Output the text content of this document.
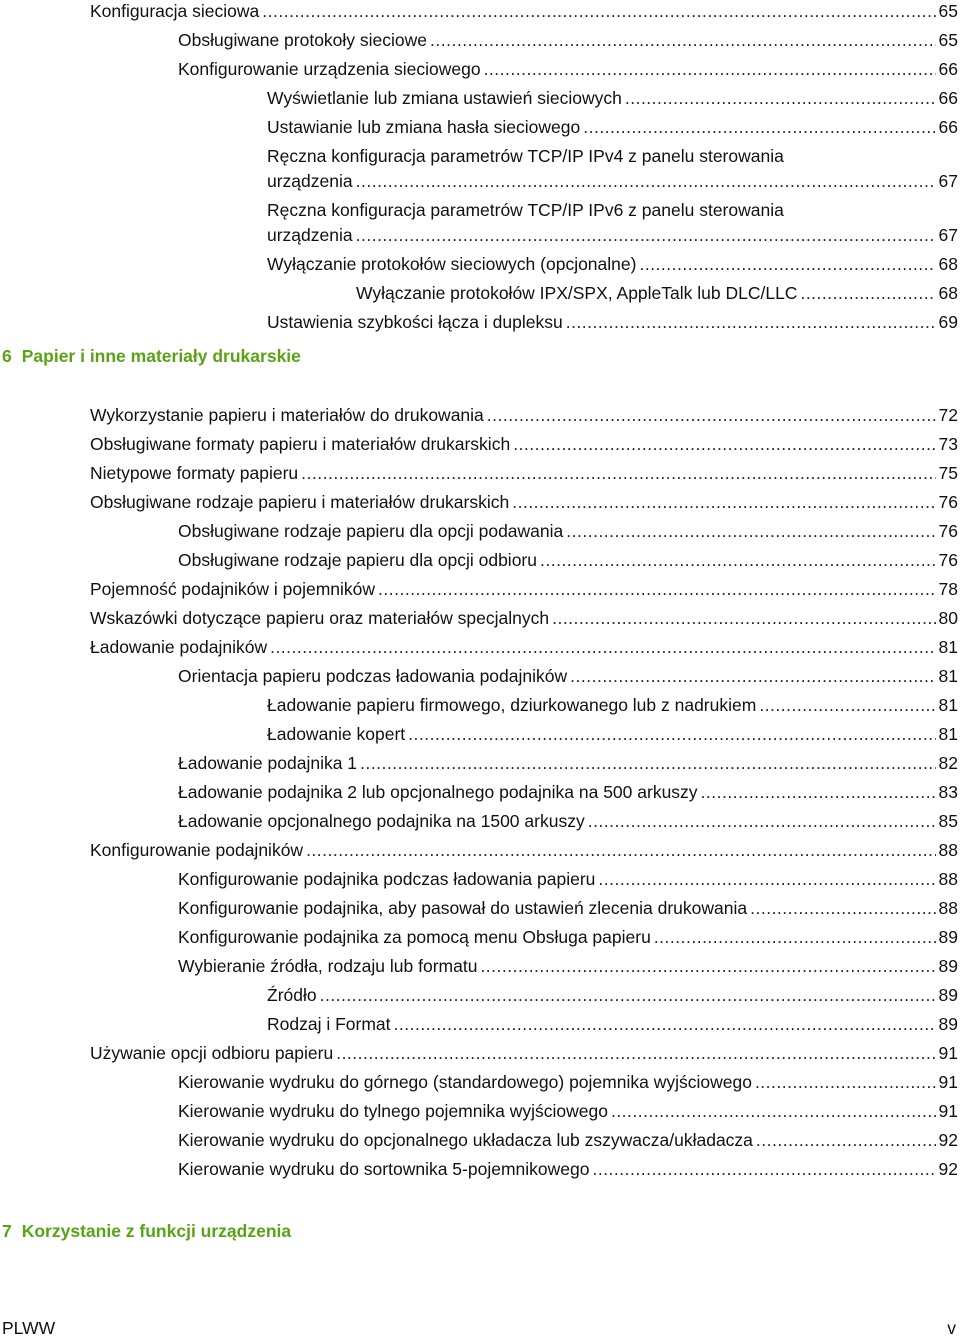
Konfiguracja sieciowa .....	65
Obsługiwane protokoły sieciowe .....	65
Konfigurowanie urządzenia sieciowego .....	66
Wyświetlanie lub zmiana ustawień sieciowych .....	66
Ustawianie lub zmiana hasła sieciowego .....	66
Ręczna konfiguracja parametrów TCP/IP IPv4 z panelu sterowania
urządzenia .....	67
Ręczna konfiguracja parametrów TCP/IP IPv6 z panelu sterowania
urządzenia .....	67
Wyłączanie protokołów sieciowych (opcjonalne) .....	68
Wyłączanie protokołów IPX/SPX, AppleTalk lub DLC/LLC .....	68
Ustawienia szybkości łącza i dupleksu .....	69
6 Papier i inne materiały drukarskie
Wykorzystanie papieru i materiałów do drukowania .....	72
Obsługiwane formaty papieru i materiałów drukarskich .....	73
Nietypowe formaty papieru .....	75
Obsługiwane rodzaje papieru i materiałów drukarskich .....	76
Obsługiwane rodzaje papieru dla opcji podawania .....	76
Obsługiwane rodzaje papieru dla opcji odbioru .....	76
Pojemność podajników i pojemników .....	78
Wskazówki dotyczące papieru oraz materiałów specjalnych .....	80
Ładowanie podajników .....	81
Orientacja papieru podczas ładowania podajników .....	81
Ładowanie papieru firmowego, dziurkowanego lub z nadrukiem .....	81
Ładowanie kopert .....	81
Ładowanie podajnika 1 .....	82
Ładowanie podajnika 2 lub opcjonalnego podajnika na 500 arkuszy .....	83
Ładowanie opcjonalnego podajnika na 1500 arkuszy .....	85
Konfigurowanie podajników .....	88
Konfigurowanie podajnika podczas ładowania papieru .....	88
Konfigurowanie podajnika, aby pasował do ustawień zlecenia drukowania .....	88
Konfigurowanie podajnika za pomocą menu Obsługa papieru .....	89
Wybieranie źródła, rodzaju lub formatu .....	89
Źródło .....	89
Rodzaj i Format .....	89
Używanie opcji odbioru papieru .....	91
Kierowanie wydruku do górnego (standardowego) pojemnika wyjściowego .....	91
Kierowanie wydruku do tylnego pojemnika wyjściowego .....	91
Kierowanie wydruku do opcjonalnego układacza lub zszywacza/układacza .....	92
Kierowanie wydruku do sortownika 5-pojemnikowego .....	92
7 Korzystanie z funkcji urządzenia
PLWW	v
